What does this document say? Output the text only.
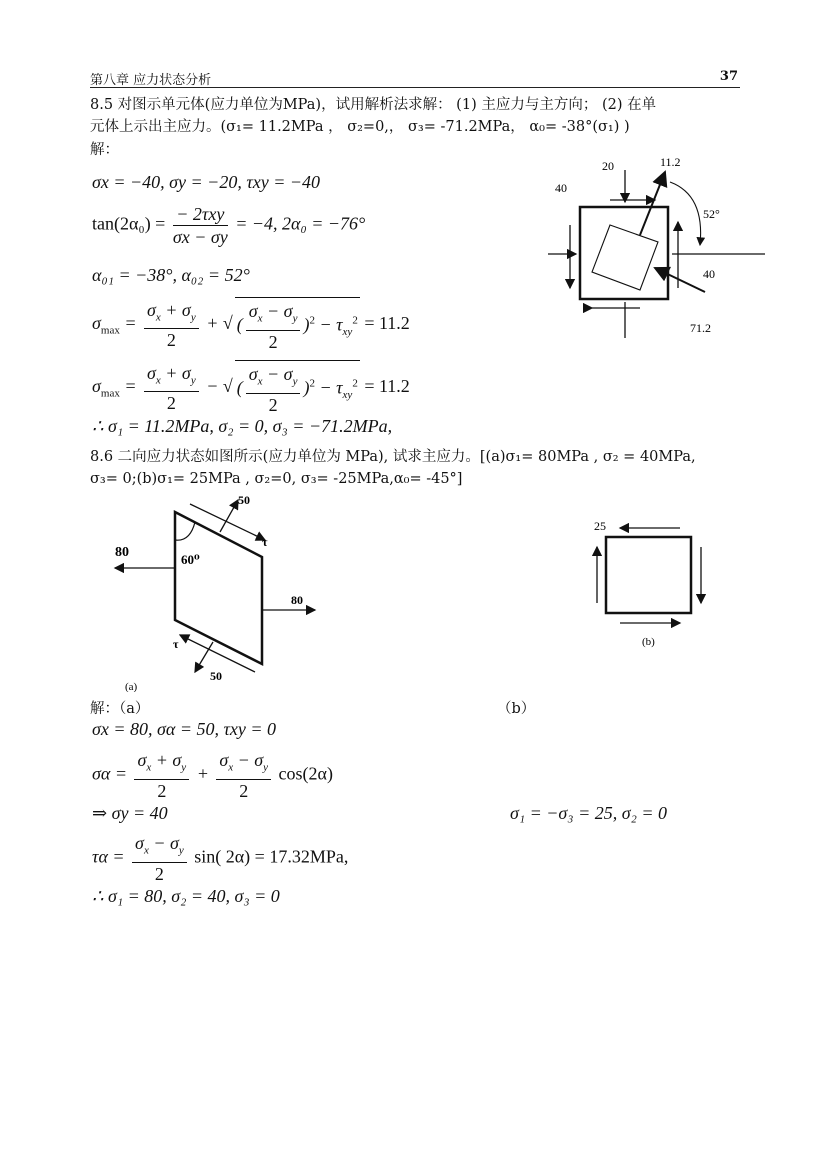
第八章 应力状态分析	37
8.5 对图示单元体(应力单位为MPa)，试用解析法求解： (1) 主应力与主方向； (2) 在单
元体上示出主应力。(σ₁= 11.2MPa ， σ₂=0,， σ₃= -71.2MPa， α₀= -38°(σ₁) )
解：
σx = −40, σy = −20, τxy = −40
$\tan(2\alpha_0) = \frac{\text{− 2τxy}}{\sigma x - \sigma y} = -4$, 2α₀ = −76°
α₀₁ = −38°, α₀₂ = 52°
$\sigma_{max} = \frac{\sigma_x + \sigma_y}{2}$ + √ ( $\frac{\sigma_x - \sigma_y}{2} )^2 - \tau_{xy}^2 = 11.2$
$\sigma_{max} = \frac{\sigma_x + \sigma_y}{2}$ − √ ( $\frac{\sigma_x - \sigma_y}{2} )^2 - \tau_{xy}^2 = 11.2$
∴ σ₁ = 11.2MPa, σ₂ = 0, σ₃ = −71.2MPa,
20
40
11.2
52°
40
71.2
8.6 二向应力状态如图所示(应力单位为 MPa), 试求主应力。[(a)σ₁= 80MPa , σ₂ = 40MPa,
σ₃= 0;(b)σ₁= 25MPa , σ₂=0, σ₃= -25MPa,α₀= -45°]
50
80	60⁰
τ
80
τ
50
(a)
25
(b)
解：（a）	（b）
σx = 80, σα = 50, τxy = 0
$\sigma\alpha = \frac{\sigma_x + \sigma_y}{2} + \frac{\sigma_x - \sigma_y}{2} \cos(2\alpha)$
⇒ σy = 40
$\tau\alpha = \frac{\sigma_x - \sigma_y}{2} \sin$( 2α) = 17.32MPa,
∴ σ₁ = 80, σ₂ = 40, σ₃ = 0
σ₁ = −σ₃ = 25, σ₂ = 0
